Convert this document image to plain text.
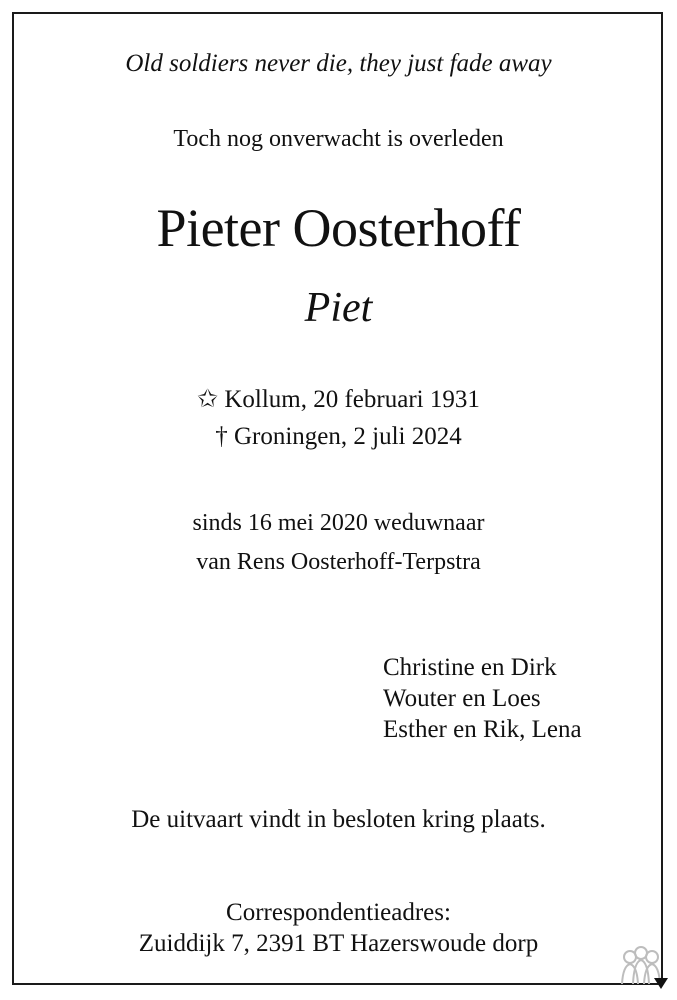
Old soldiers never die, they just fade away
Toch nog onverwacht is overleden
Pieter Oosterhoff
Piet
✩ Kollum, 20 februari 1931
† Groningen, 2 juli 2024
sinds 16 mei 2020 weduwnaar
van Rens Oosterhoff-Terpstra
Christine en Dirk
Wouter en Loes
Esther en Rik, Lena
De uitvaart vindt in besloten kring plaats.
Correspondentieadres:
Zuiddijk 7, 2391 BT Hazerswoude dorp
